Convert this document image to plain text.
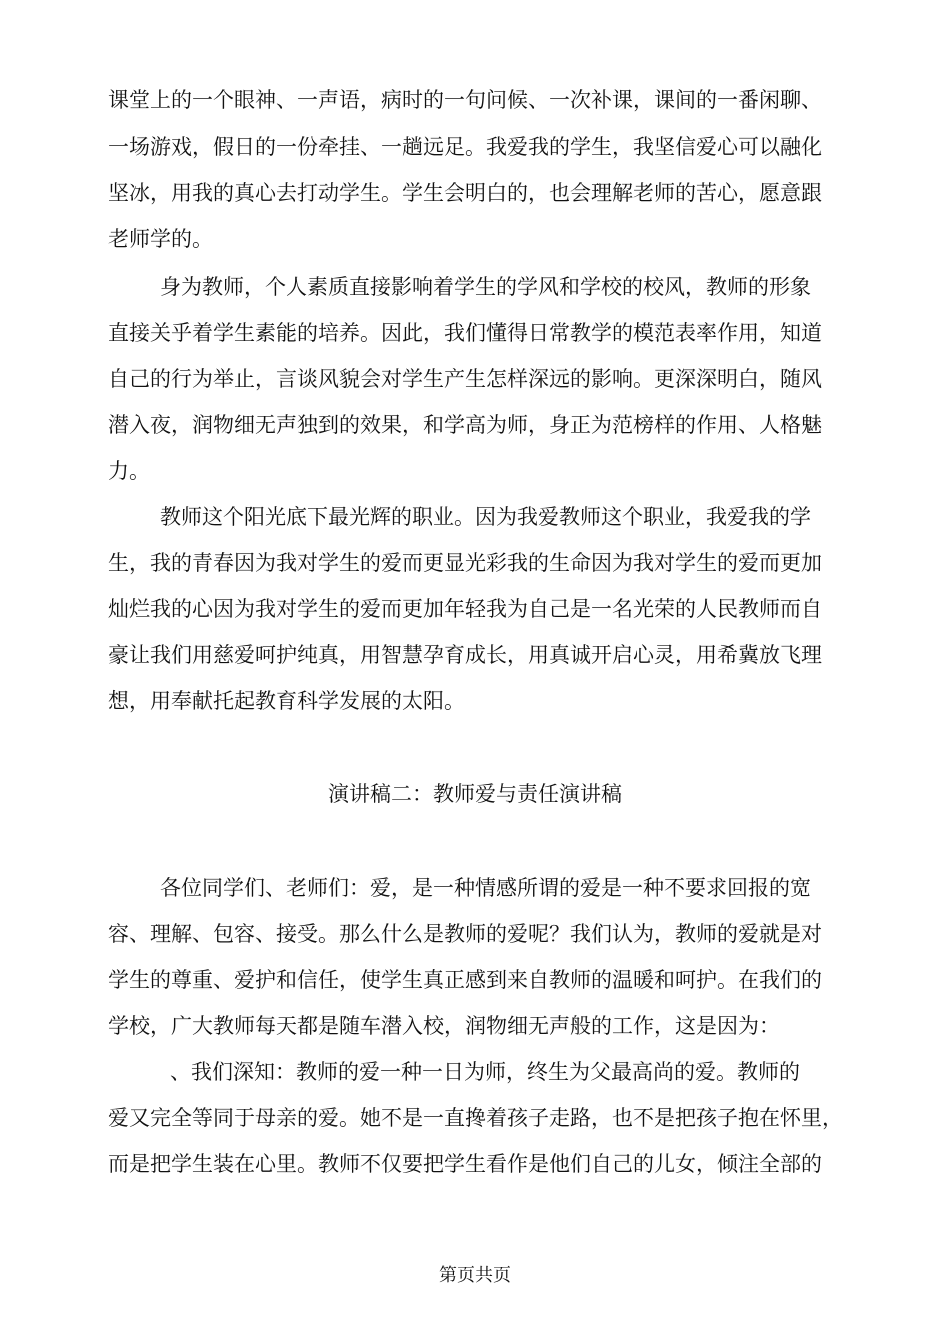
课堂上的一个眼神、一声语，病时的一句问候、一次补课，课间的一番闲聊、
一场游戏，假日的一份牵挂、一趟远足。我爱我的学生，我坚信爱心可以融化
坚冰，用我的真心去打动学生。学生会明白的，也会理解老师的苦心，愿意跟
老师学的。
身为教师，个人素质直接影响着学生的学风和学校的校风，教师的形象
直接关乎着学生素能的培养。因此，我们懂得日常教学的模范表率作用，知道
自己的行为举止，言谈风貌会对学生产生怎样深远的影响。更深深明白，随风
潜入夜，润物细无声独到的效果，和学高为师，身正为范榜样的作用、人格魅
力。
教师这个阳光底下最光辉的职业。因为我爱教师这个职业，我爱我的学
生，我的青春因为我对学生的爱而更显光彩我的生命因为我对学生的爱而更加
灿烂我的心因为我对学生的爱而更加年轻我为自己是一名光荣的人民教师而自
豪让我们用慈爱呵护纯真，用智慧孕育成长，用真诚开启心灵，用希冀放飞理
想，用奉献托起教育科学发展的太阳。
演讲稿二：教师爱与责任演讲稿
各位同学们、老师们：爱，是一种情感所谓的爱是一种不要求回报的宽
容、理解、包容、接受。那么什么是教师的爱呢？我们认为，教师的爱就是对
学生的尊重、爱护和信任，使学生真正感到来自教师的温暖和呵护。在我们的
学校，广大教师每天都是随车潜入校，润物细无声般的工作，这是因为：
、我们深知：教师的爱一种一日为师，终生为父最高尚的爱。教师的
爱又完全等同于母亲的爱。她不是一直搀着孩子走路，也不是把孩子抱在怀里，
而是把学生装在心里。教师不仅要把学生看作是他们自己的儿女，倾注全部的
第页共页
